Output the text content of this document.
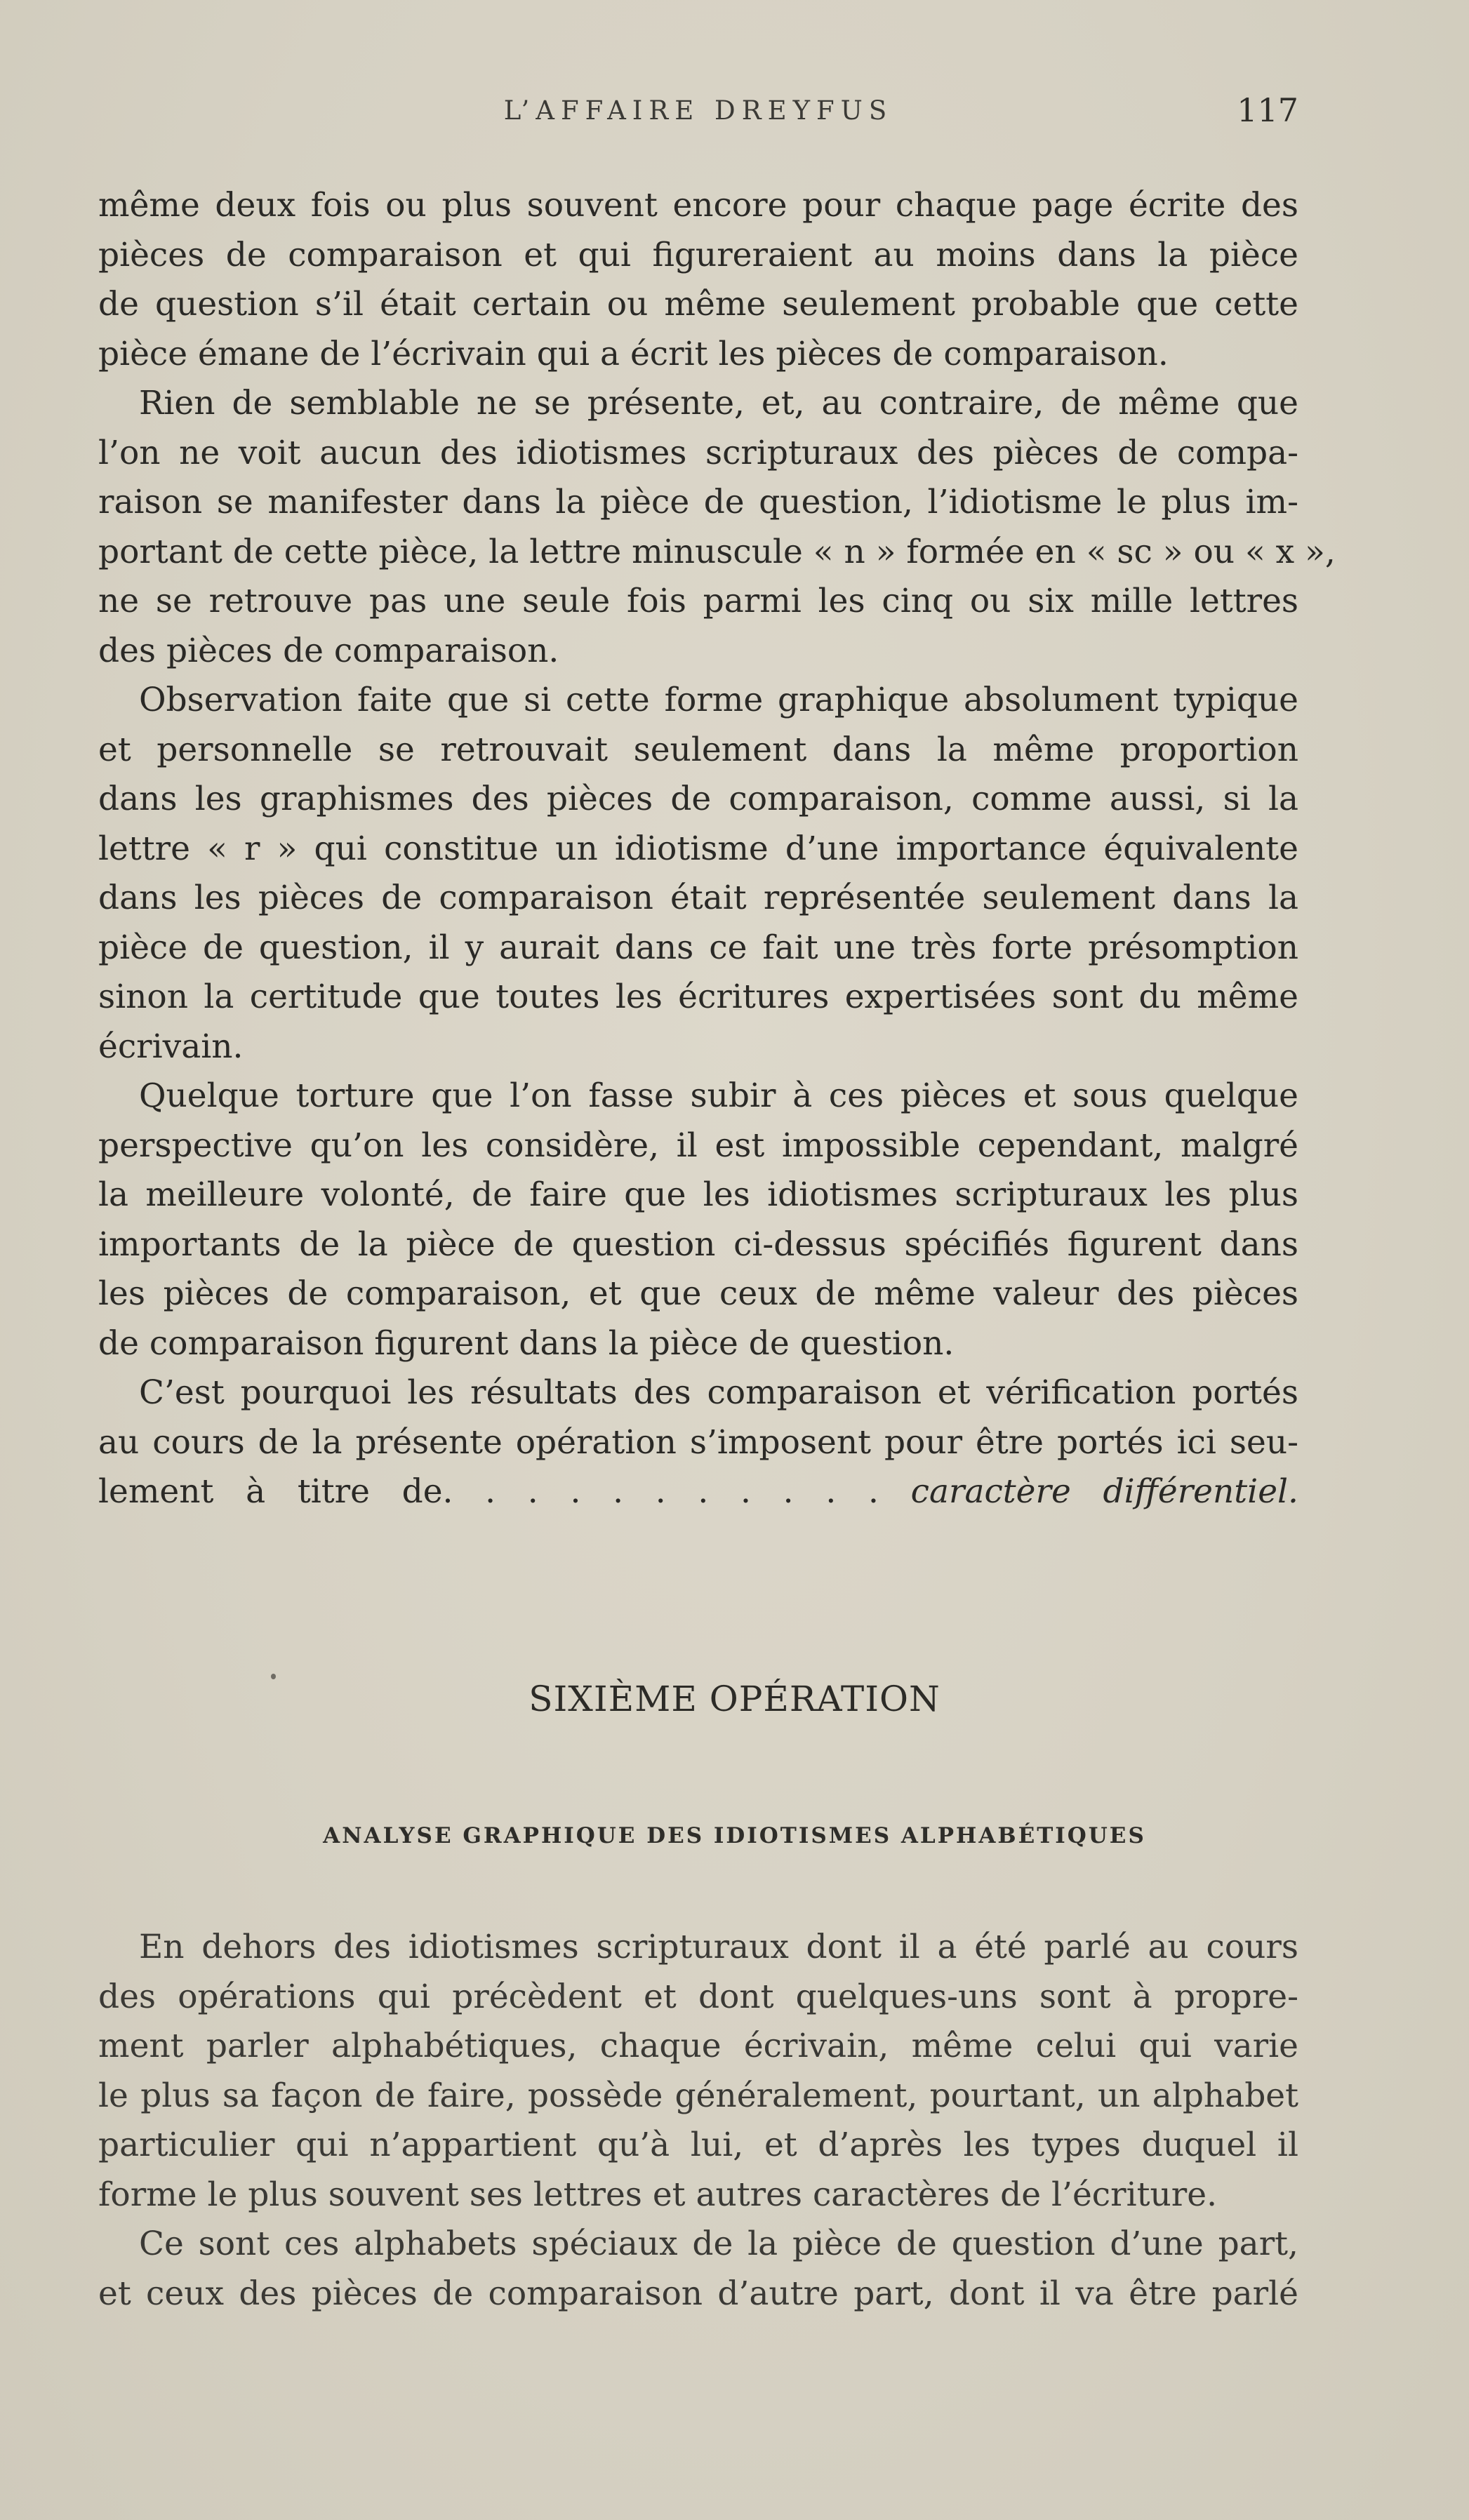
L’AFFAIRE DREYFUS	117
même deux fois ou plus souvent encore pour chaque page écrite des
pièces de comparaison et qui figureraient au moins dans la pièce
de question s’il était certain ou même seulement probable que cette
pièce émane de l’écrivain qui a écrit les pièces de comparaison.
Rien de semblable ne se présente, et, au contraire, de même que
l’on ne voit aucun des idiotismes scripturaux des pièces de compa-
raison se manifester dans la pièce de question, l’idiotisme le plus im-
portant de cette pièce, la lettre minuscule « n » formée en « sc » ou « x »,
ne se retrouve pas une seule fois parmi les cinq ou six mille lettres
des pièces de comparaison.
Observation faite que si cette forme graphique absolument typique
et personnelle se retrouvait seulement dans la même proportion
dans les graphismes des pièces de comparaison, comme aussi, si la
lettre « r » qui constitue un idiotisme d’une importance équivalente
dans les pièces de comparaison était représentée seulement dans la
pièce de question, il y aurait dans ce fait une très forte présomption
sinon la certitude que toutes les écritures expertisées sont du même
écrivain.
Quelque torture que l’on fasse subir à ces pièces et sous quelque
perspective qu’on les considère, il est impossible cependant, malgré
la meilleure volonté, de faire que les idiotismes scripturaux les plus
importants de la pièce de question ci-dessus spécifiés figurent dans
les pièces de comparaison, et que ceux de même valeur des pièces
de comparaison figurent dans la pièce de question.
C’est pourquoi les résultats des comparaison et vérification portés
au cours de la présente opération s’imposent pour être portés ici seu-
lement à titre de. . . . . . . . . . . caractère différentiel.
SIXIÈME OPÉRATION
ANALYSE GRAPHIQUE DES IDIOTISMES ALPHABÉTIQUES
En dehors des idiotismes scripturaux dont il a été parlé au cours
des opérations qui précèdent et dont quelques-uns sont à propre-
ment parler alphabétiques, chaque écrivain, même celui qui varie
le plus sa façon de faire, possède généralement, pourtant, un alphabet
particulier qui n’appartient qu’à lui, et d’après les types duquel il
forme le plus souvent ses lettres et autres caractères de l’écriture.
Ce sont ces alphabets spéciaux de la pièce de question d’une part,
et ceux des pièces de comparaison d’autre part, dont il va être parlé
